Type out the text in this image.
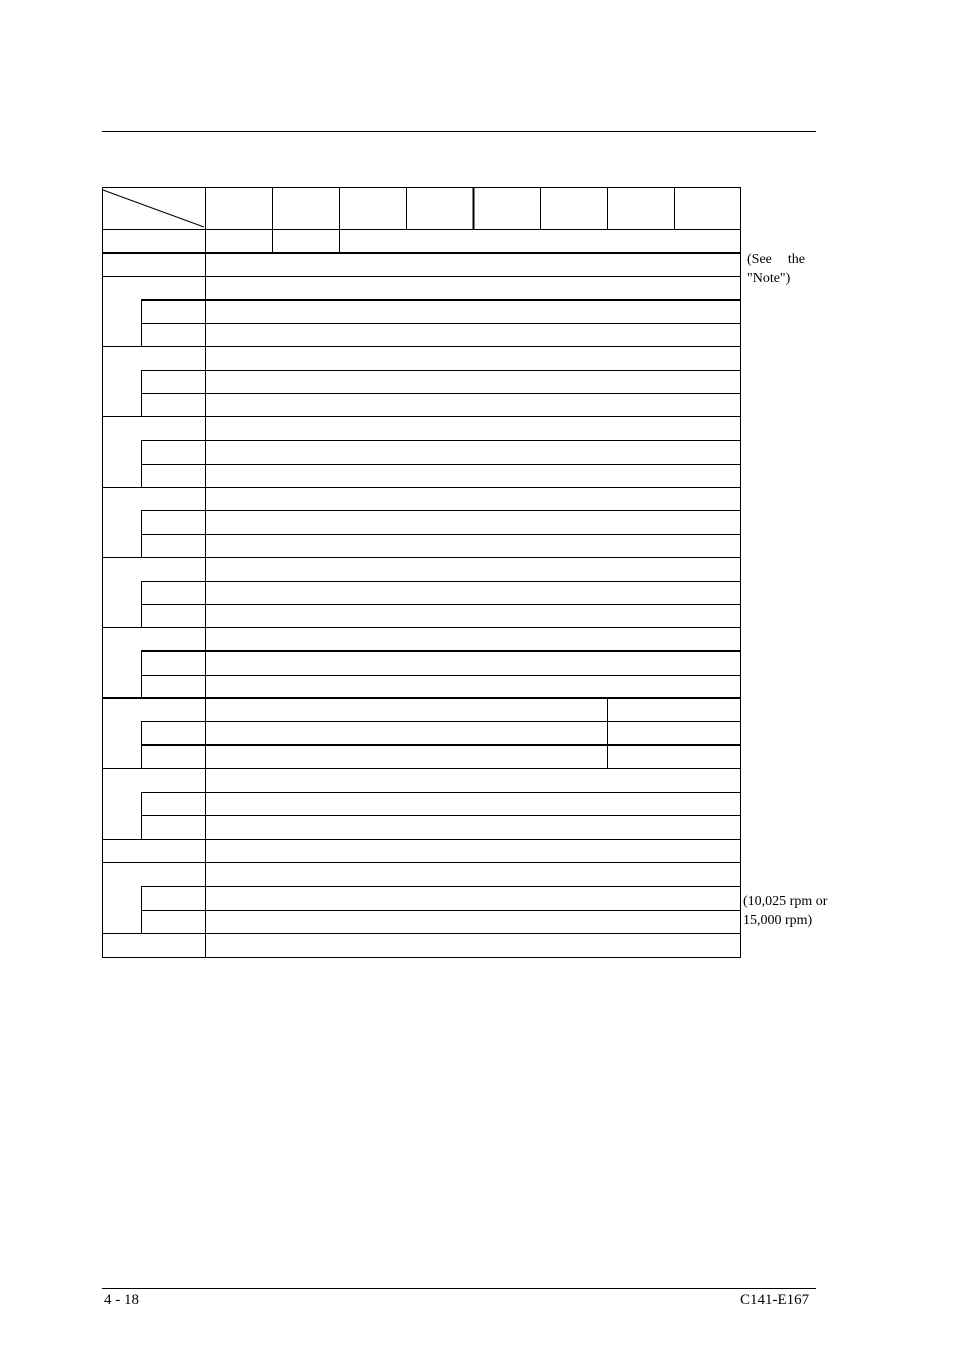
(See the
"Note")
(10,025 rpm or
15,000 rpm)
4 - 18	C141-E167
